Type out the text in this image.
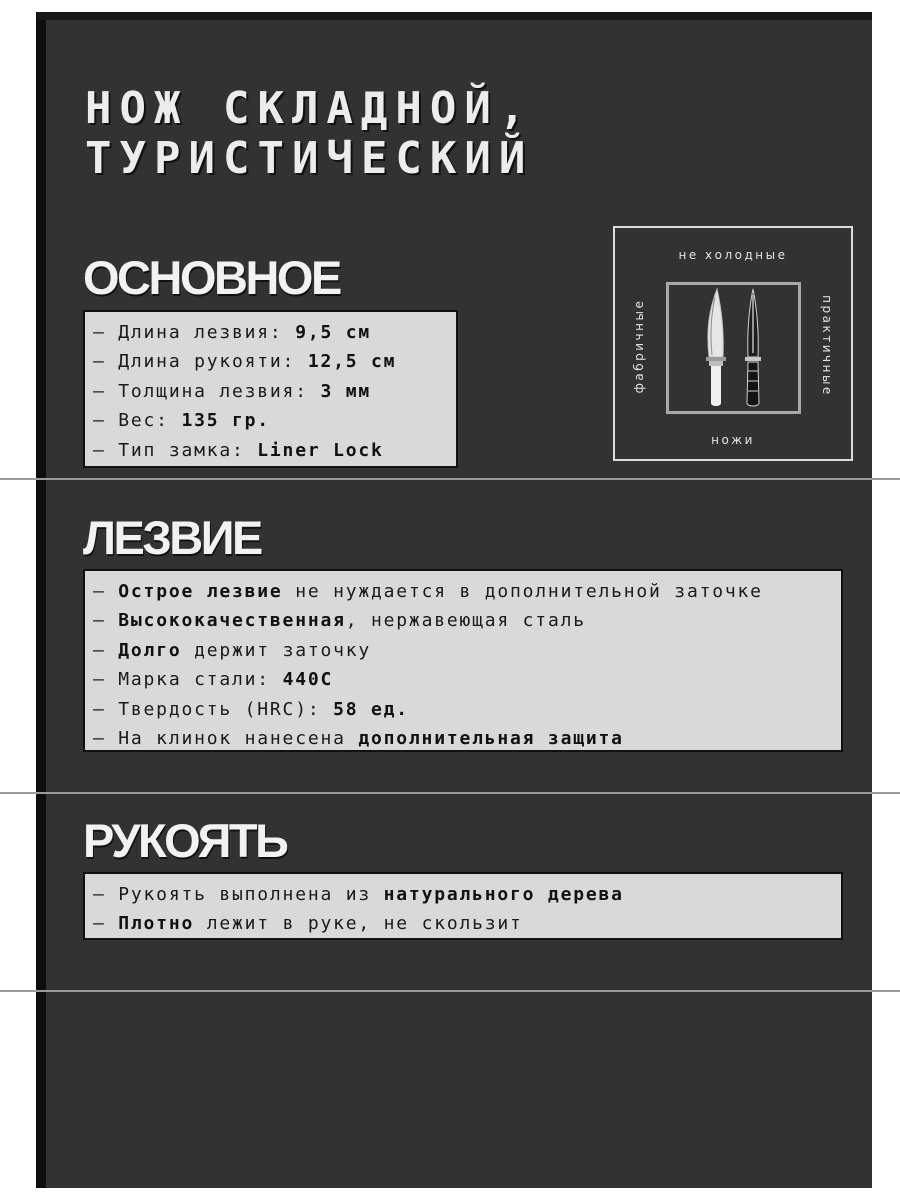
НОЖ СКЛАДНОЙ,
ТУРИСТИЧЕСКИЙ
не холодные
ножи
фабричные	практичные
ОСНОВНОЕ
— Длина лезвия: 9,5 см
— Длина рукояти: 12,5 см
— Толщина лезвия: 3 мм
— Вес: 135 гр.
— Тип замка: Liner Lock
ЛЕЗВИЕ
— Острое лезвие не нуждается в дополнительной заточке
— Высококачественная, нержавеющая сталь
— Долго держит заточку
— Марка стали: 440С
— Твердость (HRC): 58 ед.
— На клинок нанесена дополнительная защита
РУКОЯТЬ
— Рукоять выполнена из натурального дерева
— Плотно лежит в руке, не скользит
